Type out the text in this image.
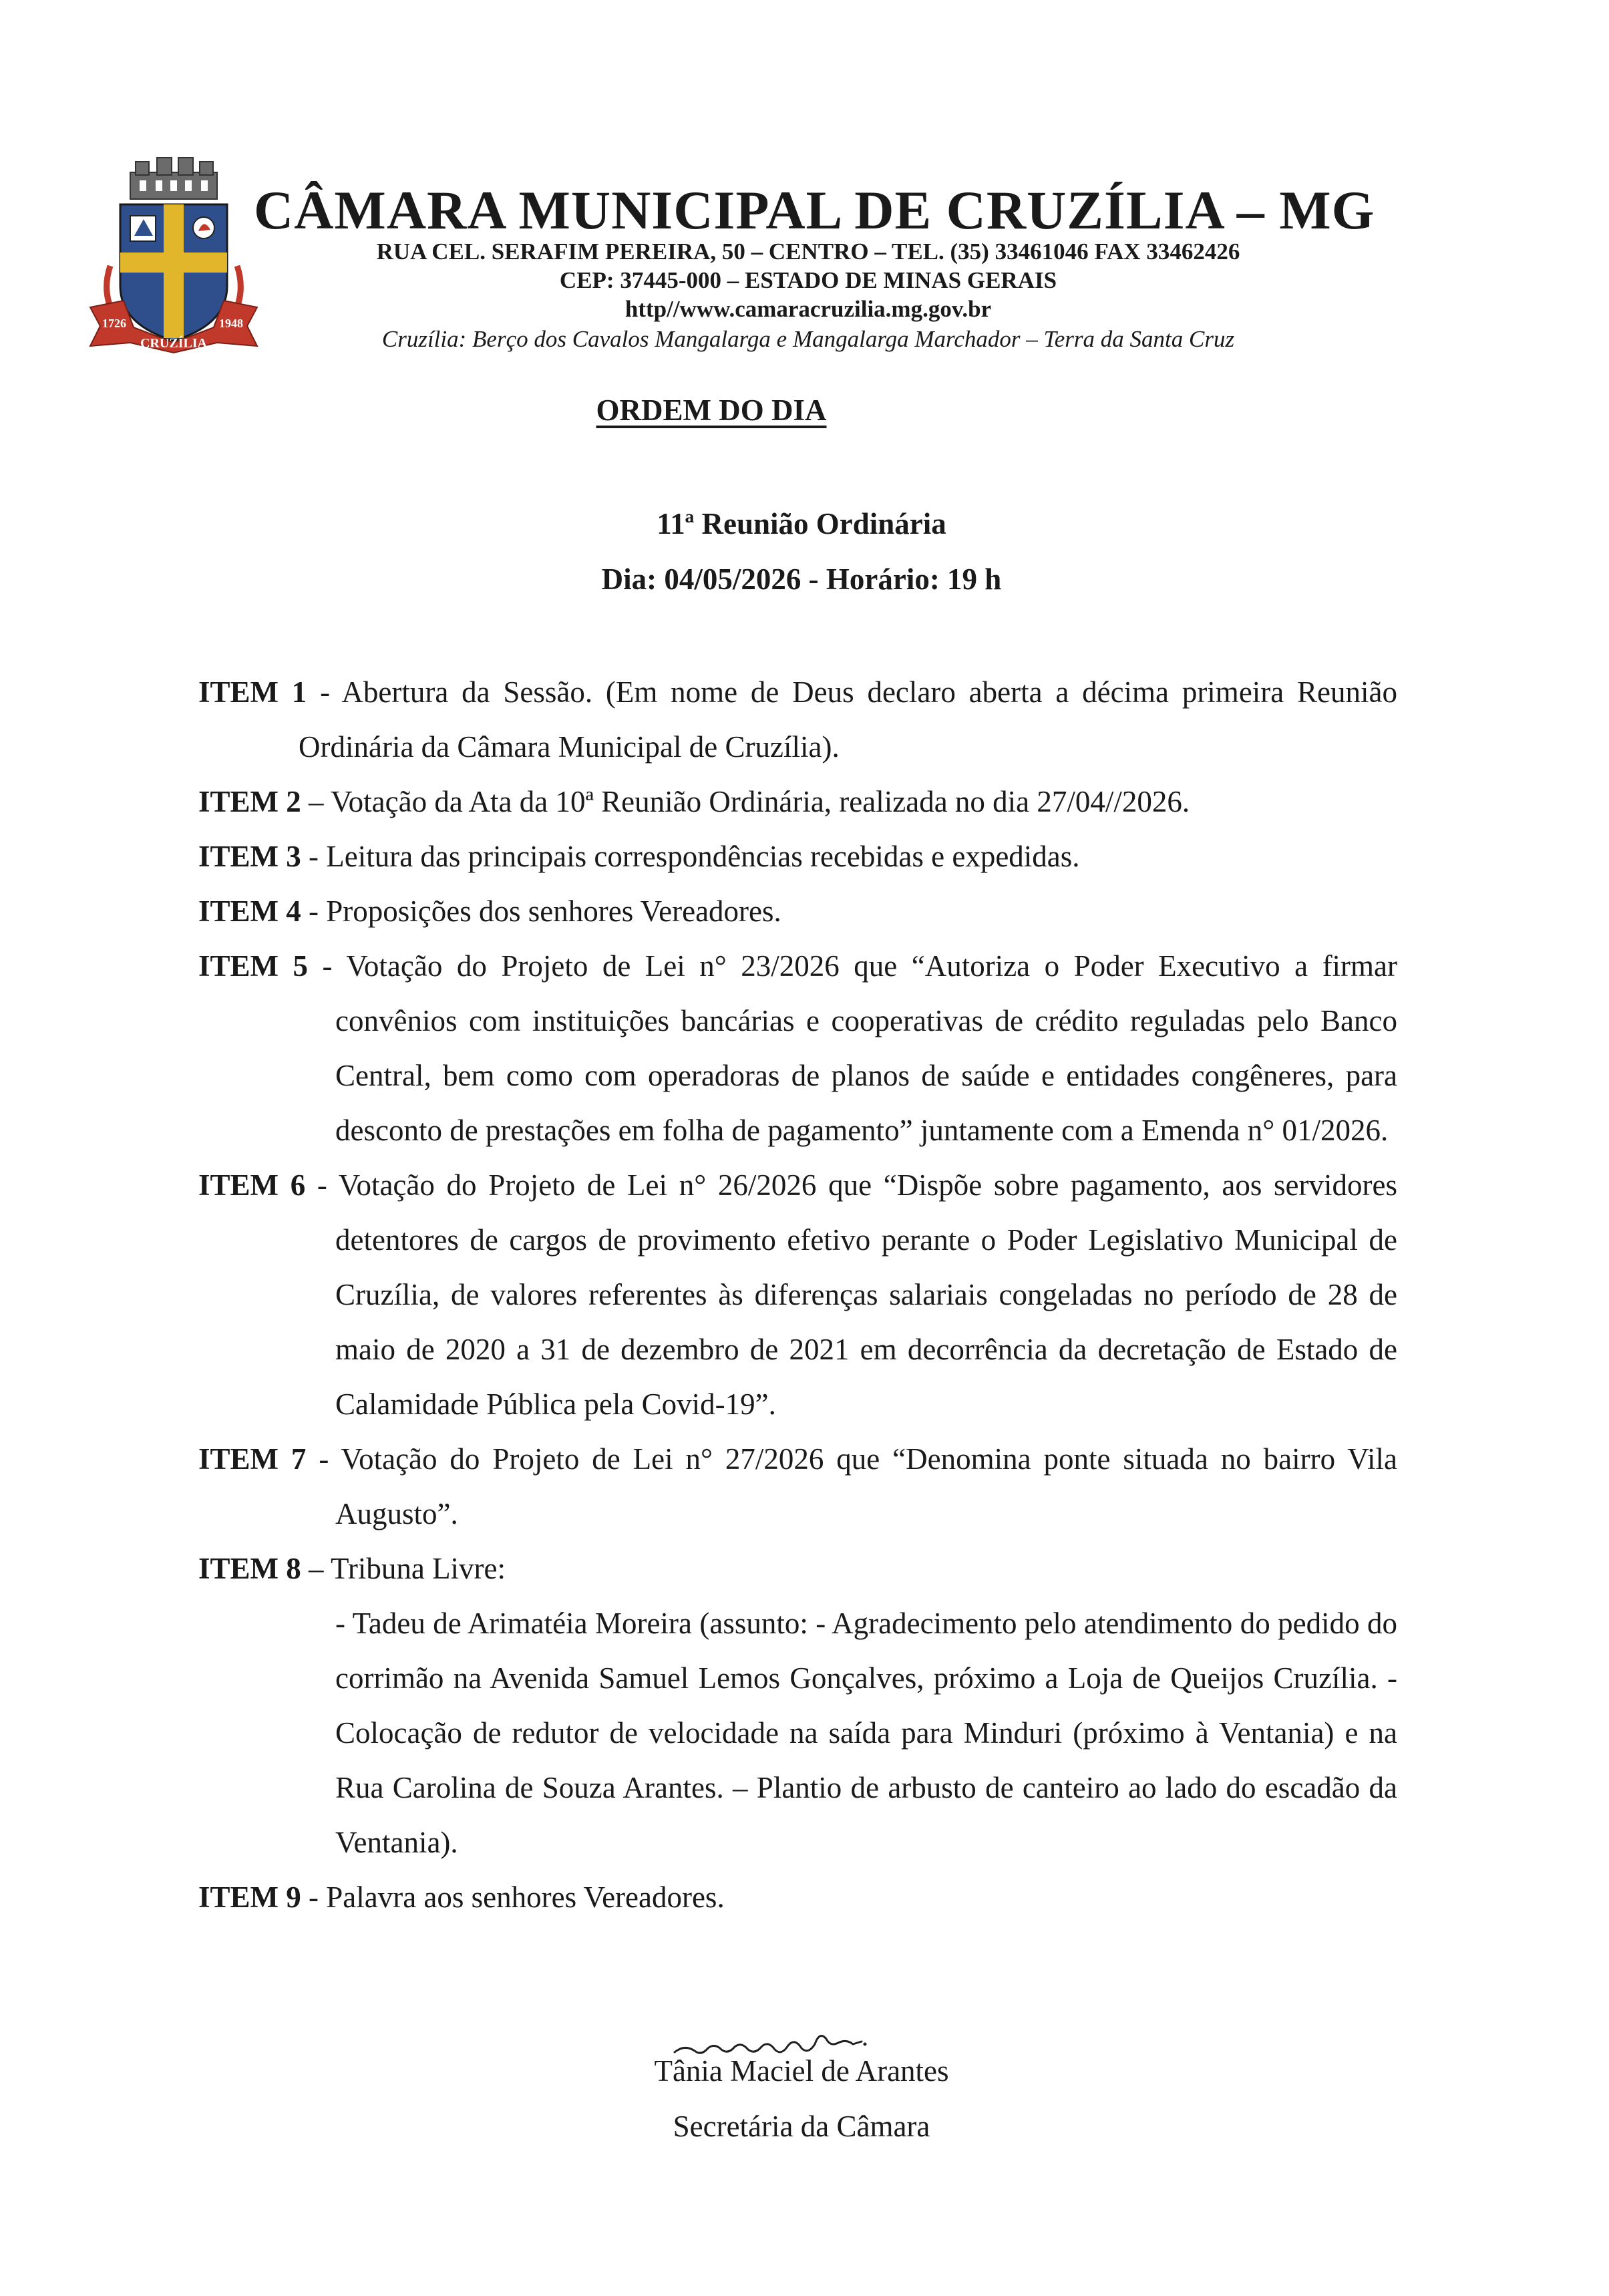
1726	1948
CRUZÍLIA
CÂMARA MUNICIPAL DE CRUZÍLIA – MG
RUA CEL. SERAFIM PEREIRA, 50 – CENTRO – TEL. (35) 33461046 FAX 33462426
CEP: 37445-000 – ESTADO DE MINAS GERAIS
http//www.camaracruzilia.mg.gov.br
Cruzília: Berço dos Cavalos Mangalarga e Mangalarga Marchador – Terra da Santa Cruz
ORDEM DO DIA
11ª Reunião Ordinária
Dia: 04/05/2026 - Horário: 19 h
ITEM 1 - Abertura da Sessão. (Em nome de Deus declaro aberta a décima primeira Reunião Ordinária da Câmara Municipal de Cruzília).
ITEM 2 – Votação da Ata da 10ª Reunião Ordinária, realizada no dia 27/04//2026.
ITEM 3 - Leitura das principais correspondências recebidas e expedidas.
ITEM 4 - Proposições dos senhores Vereadores.
ITEM 5 - Votação do Projeto de Lei n° 23/2026 que “Autoriza o Poder Executivo a firmar convênios com instituições bancárias e cooperativas de crédito reguladas pelo Banco Central, bem como com operadoras de planos de saúde e entidades congêneres, para desconto de prestações em folha de pagamento” juntamente com a Emenda n° 01/2026.
ITEM 6 - Votação do Projeto de Lei n° 26/2026 que “Dispõe sobre pagamento, aos servidores detentores de cargos de provimento efetivo perante o Poder Legislativo Municipal de Cruzília, de valores referentes às diferenças salariais congeladas no período de 28 de maio de 2020 a 31 de dezembro de 2021 em decorrência da decretação de Estado de Calamidade Pública pela Covid-19”.
ITEM 7 - Votação do Projeto de Lei n° 27/2026 que “Denomina ponte situada no bairro Vila Augusto”.
ITEM 8 – Tribuna Livre:
- Tadeu de Arimatéia Moreira (assunto: - Agradecimento pelo atendimento do pedido do corrimão na Avenida Samuel Lemos Gonçalves, próximo a Loja de Queijos Cruzília. - Colocação de redutor de velocidade na saída para Minduri (próximo à Ventania) e na Rua Carolina de Souza Arantes. – Plantio de arbusto de canteiro ao lado do escadão da Ventania).
ITEM 9 - Palavra aos senhores Vereadores.
Tânia Maciel de Arantes
Secretária da Câmara
